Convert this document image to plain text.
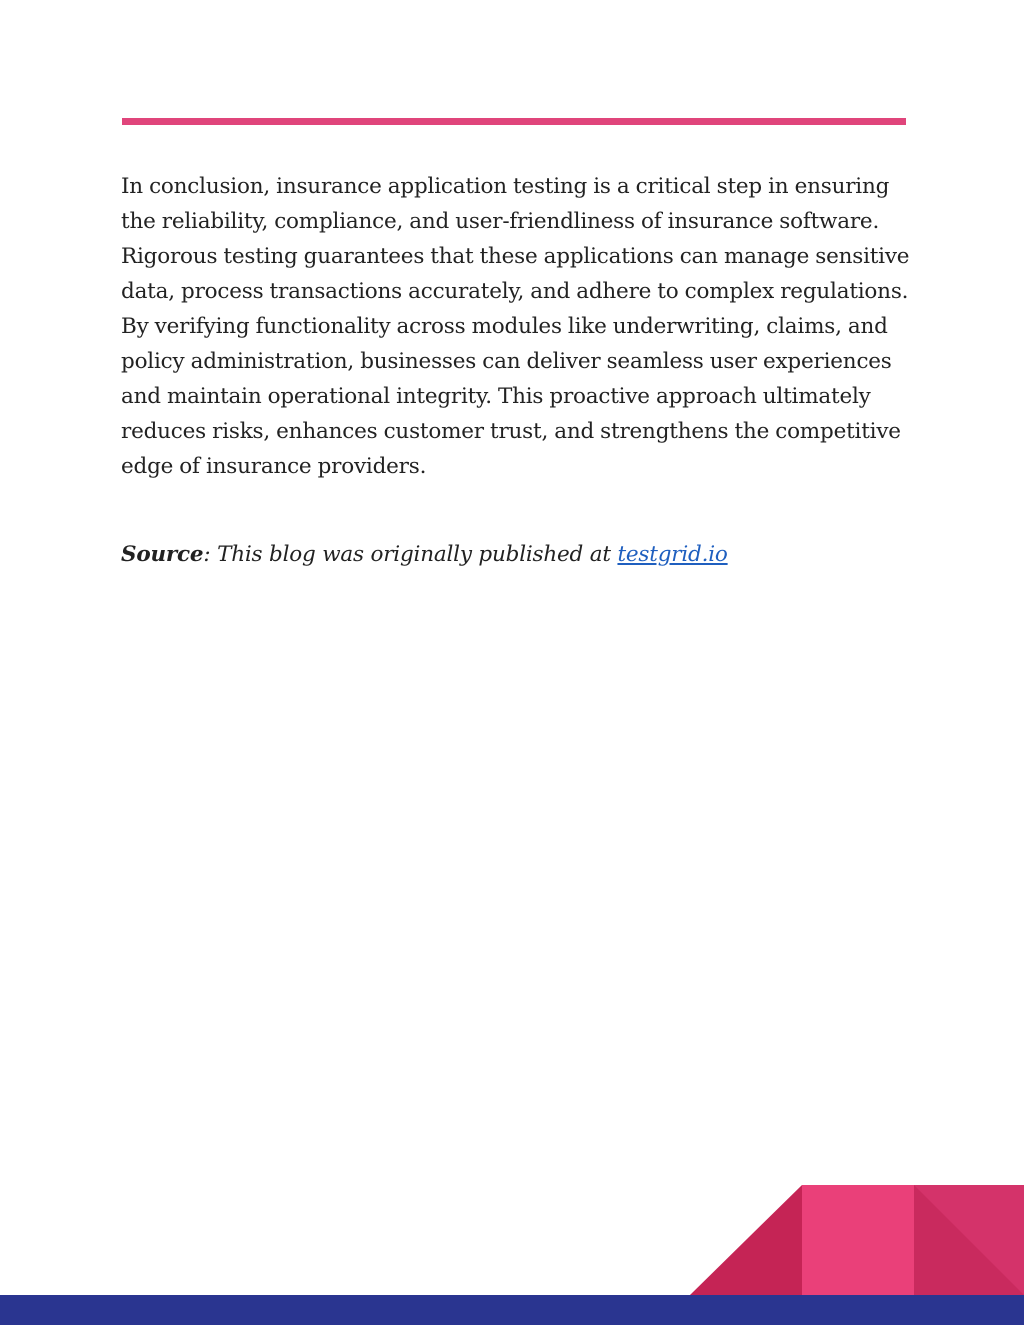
In conclusion, insurance application testing is a critical step in ensuring the reliability, compliance, and user-friendliness of insurance software. Rigorous testing guarantees that these applications can manage sensitive data, process transactions accurately, and adhere to complex regulations. By verifying functionality across modules like underwriting, claims, and policy administration, businesses can deliver seamless user experiences and maintain operational integrity. This proactive approach ultimately reduces risks, enhances customer trust, and strengthens the competitive edge of insurance providers.

Source: This blog was originally published at testgrid.io
